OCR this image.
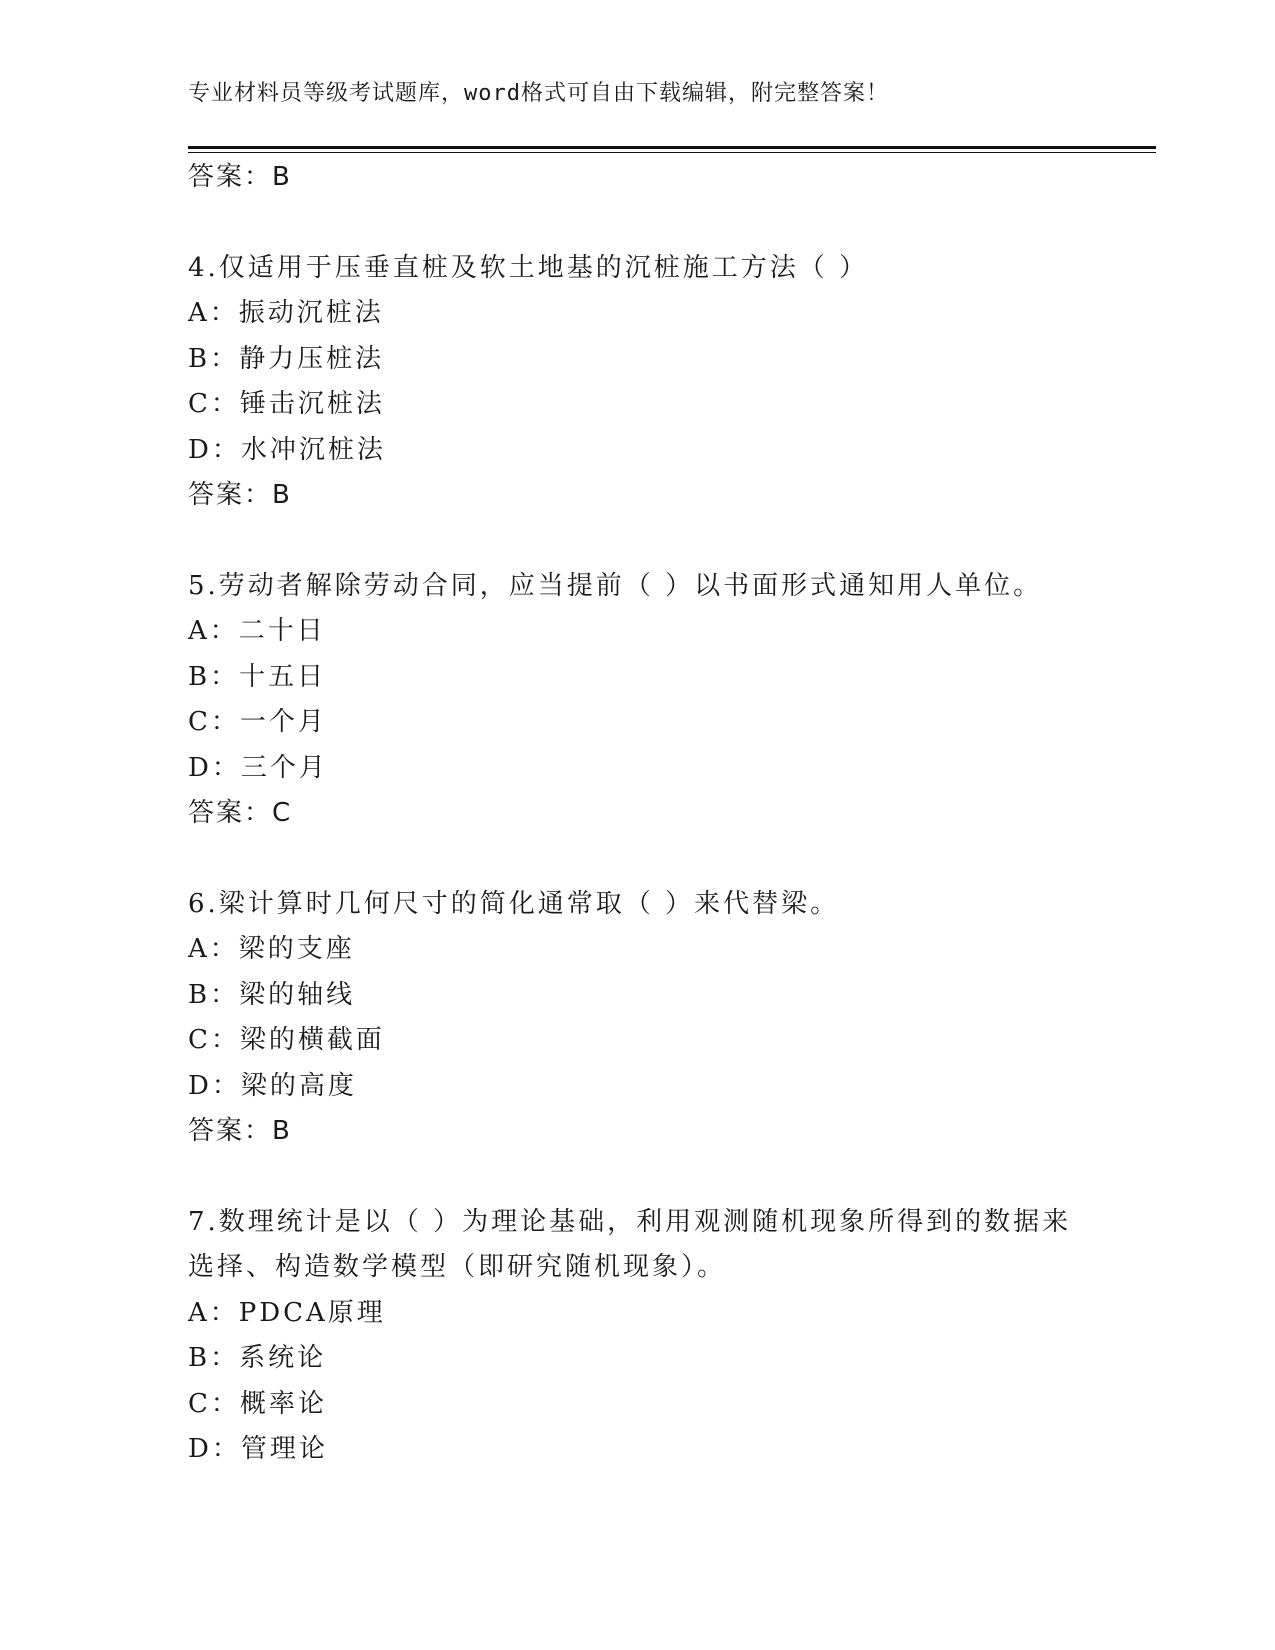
专业材料员等级考试题库，word格式可自由下载编辑，附完整答案！
答案：B
4.仅适用于压垂直桩及软土地基的沉桩施工方法（ ）
A：振动沉桩法
B：静力压桩法
C：锤击沉桩法
D：水冲沉桩法
答案：B
5.劳动者解除劳动合同，应当提前（ ）以书面形式通知用人单位。
A：二十日
B：十五日
C：一个月
D：三个月
答案：C
6.梁计算时几何尺寸的简化通常取（ ）来代替梁。
A：梁的支座
B：梁的轴线
C：梁的横截面
D：梁的高度
答案：B
7.数理统计是以（ ）为理论基础，利用观测随机现象所得到的数据来
选择、构造数学模型（即研究随机现象）。
A：PDCA原理
B：系统论
C：概率论
D：管理论
